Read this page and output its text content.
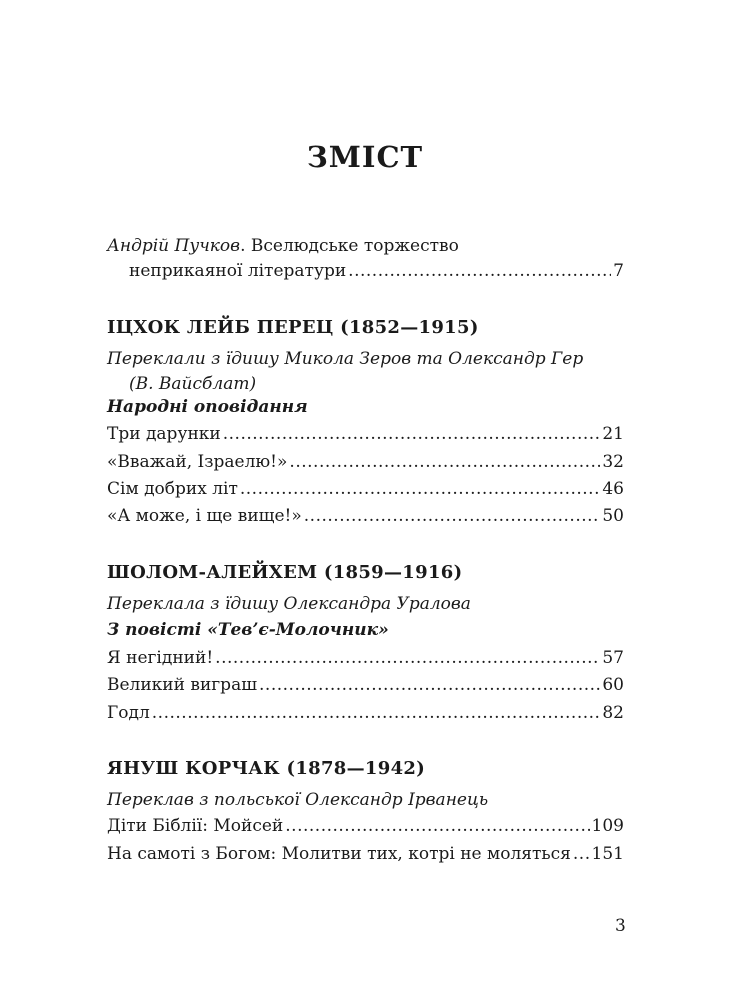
ЗМІСТ
Андрій Пучков. Вселюдське торжество
неприкаяної літератури .....	7
ІЦХОК ЛЕЙБ ПЕРЕЦ (1852—1915)
Переклали з їдишу Микола Зеров та Олександр Гер
(В. Вайсблат)
Народні оповідання
Три дарунки .....	21
«Вважай, Ізраелю!» .....	32
Сім добрих літ .....	46
«А може, і ще вище!» .....	50
ШОЛОМ-АЛЕЙХЕМ (1859—1916)
Переклала з їдишу Олександра Уралова
З повісті «Тев’є-Молочник»
Я негідний! .....	57
Великий виграш .....	60
Годл .....	82
ЯНУШ КОРЧАК (1878—1942)
Переклав з польської Олександр Ірванець
Діти Біблії: Мойсей .....	109
На самоті з Богом: Молитви тих, котрі не моляться ..... 151
3
